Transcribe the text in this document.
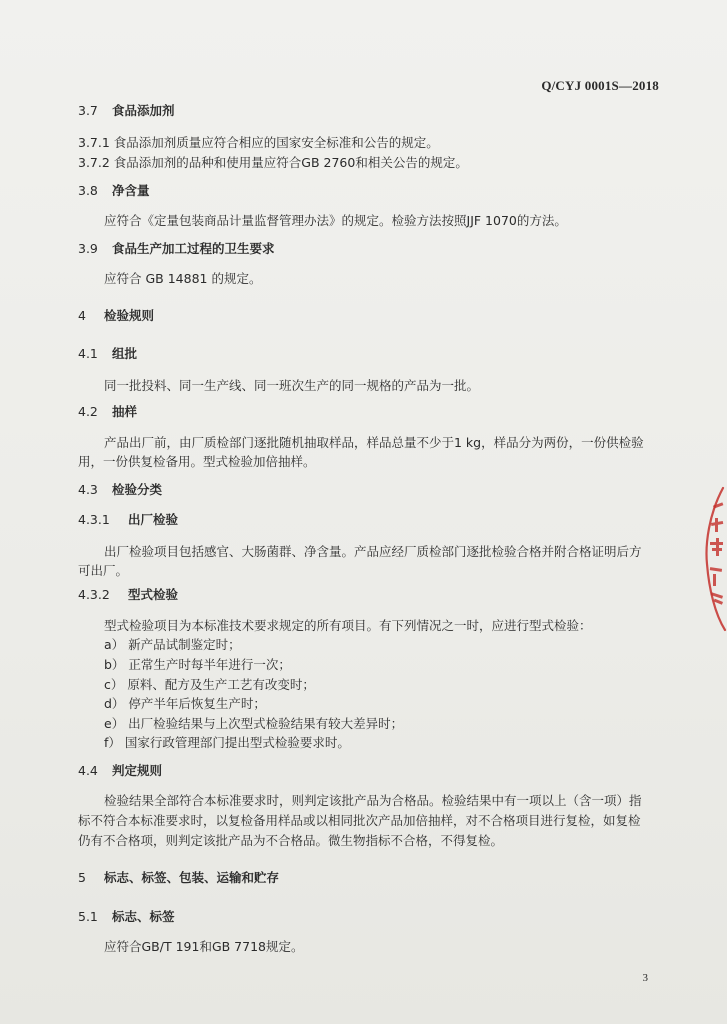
Q/CYJ 0001S—2018
3.7 食品添加剂
3.7.1 食品添加剂质量应符合相应的国家安全标准和公告的规定。
3.7.2 食品添加剂的品种和使用量应符合GB 2760和相关公告的规定。
3.8 净含量
应符合《定量包装商品计量监督管理办法》的规定。检验方法按照JJF 1070的方法。
3.9 食品生产加工过程的卫生要求
应符合 GB 14881 的规定。
4 检验规则
4.1 组批
同一批投料、同一生产线、同一班次生产的同一规格的产品为一批。
4.2 抽样
产品出厂前，由厂质检部门逐批随机抽取样品，样品总量不少于1 kg，样品分为两份，一份供检验
用，一份供复检备用。型式检验加倍抽样。
4.3 检验分类
4.3.1 出厂检验
出厂检验项目包括感官、大肠菌群、净含量。产品应经厂质检部门逐批检验合格并附合格证明后方
可出厂。
4.3.2 型式检验
型式检验项目为本标准技术要求规定的所有项目。有下列情况之一时，应进行型式检验：
a） 新产品试制鉴定时；
b） 正常生产时每半年进行一次；
c） 原料、配方及生产工艺有改变时；
d） 停产半年后恢复生产时；
e） 出厂检验结果与上次型式检验结果有较大差异时；
f） 国家行政管理部门提出型式检验要求时。
4.4 判定规则
检验结果全部符合本标准要求时，则判定该批产品为合格品。检验结果中有一项以上（含一项）指
标不符合本标准要求时，以复检备用样品或以相同批次产品加倍抽样，对不合格项目进行复检，如复检
仍有不合格项，则判定该批产品为不合格品。微生物指标不合格，不得复检。
5 标志、标签、包装、运输和贮存
5.1 标志、标签
应符合GB/T 191和GB 7718规定。
3
